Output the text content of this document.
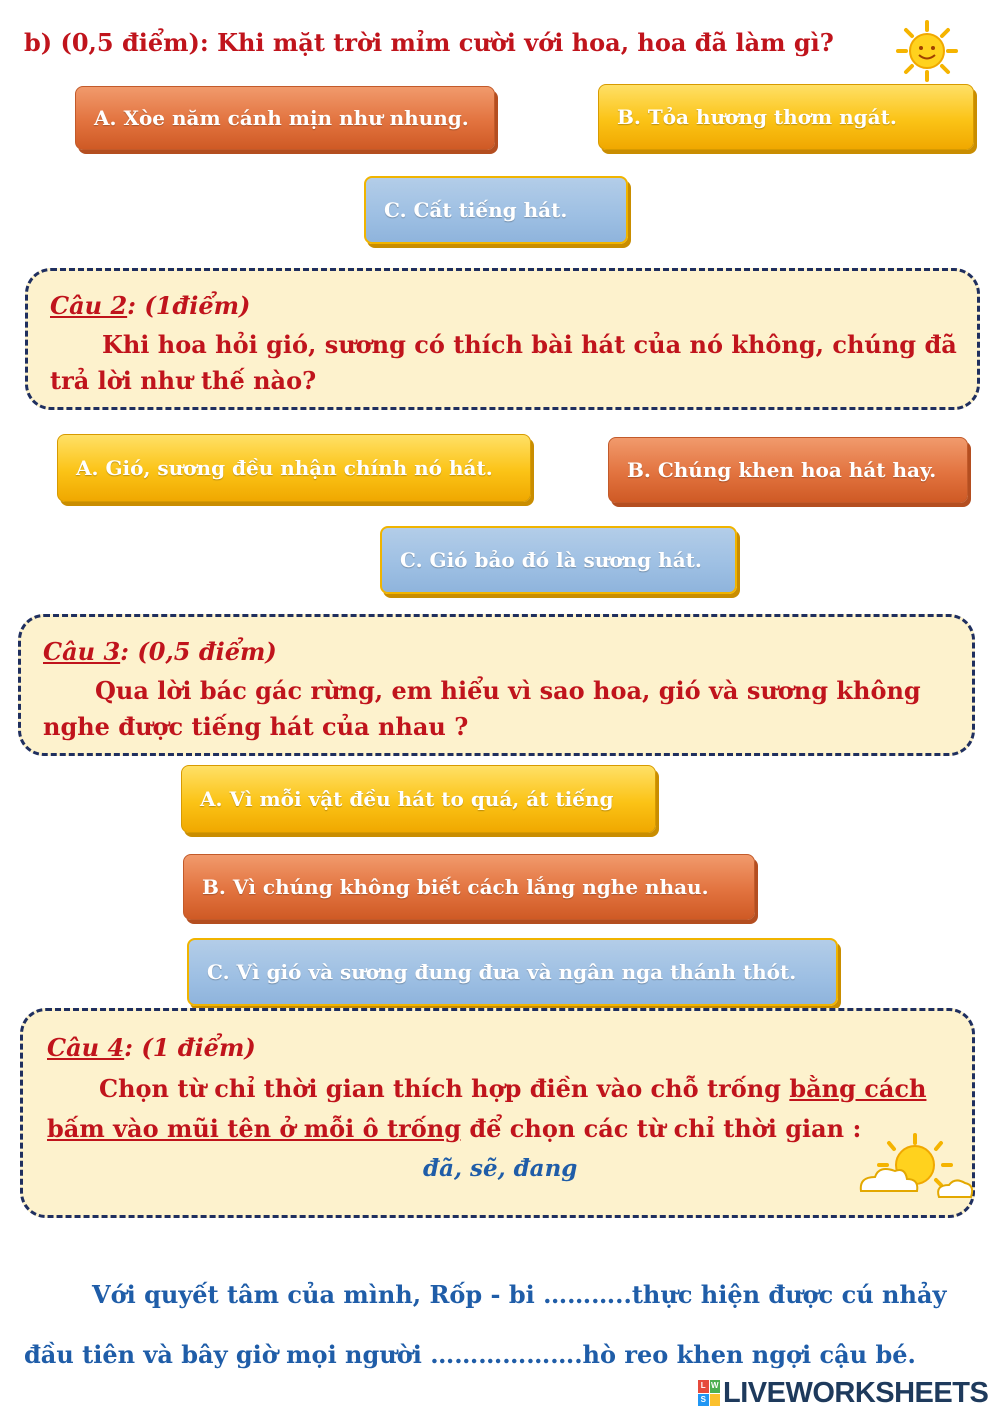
b) (0,5 điểm): Khi mặt trời mỉm cười với hoa, hoa đã làm gì?
A. Xòe năm cánh mịn như nhung.	B. Tỏa hương thơm ngát.
C. Cất tiếng hát.
Câu 2: (1điểm)
Khi hoa hỏi gió, sương có thích bài hát của nó không, chúng đã
trả lời như thế nào?
A. Gió, sương đều nhận chính nó hát.	B. Chúng khen hoa hát hay.
C. Gió bảo đó là sương hát.
Câu 3: (0,5 điểm)
Qua lời bác gác rừng, em hiểu vì sao hoa, gió và sương không
nghe được tiếng hát của nhau ?
A. Vì mỗi vật đều hát to quá, át tiếng
B. Vì chúng không biết cách lắng nghe nhau.
C. Vì gió và sương đung đưa và ngân nga thánh thót.
Câu 4: (1 điểm)
Chọn từ chỉ thời gian thích hợp điền vào chỗ trống bằng cách
bấm vào mũi tên ở mỗi ô trống để chọn các từ chỉ thời gian :
đã, sẽ, đang
Với quyết tâm của mình, Rốp - bi ………..thực hiện được cú nhảy
đầu tiên và bây giờ mọi người ……………….hò reo khen ngợi cậu bé.
L W
S LIVEWORKSHEETS
